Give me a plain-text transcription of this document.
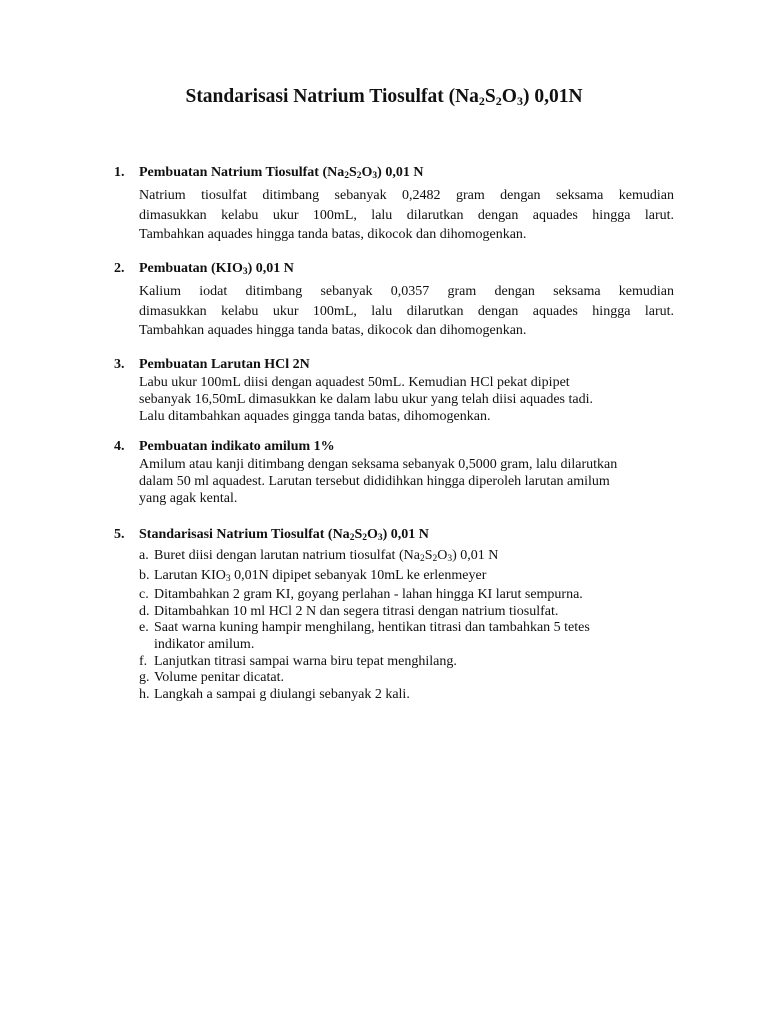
Standarisasi Natrium Tiosulfat $(Na_2S_2O_3)$ 0,01N
1. Pembuatan Natrium Tiosulfat $(Na_2S_2O_3)$ 0,01 N
Natrium tiosulfat ditimbang sebanyak 0,2482 gram dengan seksama kemudian
dimasukkan kelabu ukur 100mL, lalu dilarutkan dengan aquades hingga larut.
Tambahkan aquades hingga tanda batas, dikocok dan dihomogenkan.
2. Pembuatan $(KIO_3)$ 0,01 N
Kalium iodat ditimbang sebanyak 0,0357 gram dengan seksama kemudian
dimasukkan kelabu ukur 100mL, lalu dilarutkan dengan aquades hingga larut.
Tambahkan aquades hingga tanda batas, dikocok dan dihomogenkan.
3. Pembuatan Larutan HCl 2N
Labu ukur 100mL diisi dengan aquadest 50mL. Kemudian HCl pekat dipipet
sebanyak 16,50mL dimasukkan ke dalam labu ukur yang telah diisi aquades tadi.
Lalu ditambahkan aquades gingga tanda batas, dihomogenkan.
4. Pembuatan indikato amilum 1%
Amilum atau kanji ditimbang dengan seksama sebanyak 0,5000 gram, lalu dilarutkan
dalam 50 ml aquadest. Larutan tersebut dididihkan hingga diperoleh larutan amilum
yang agak kental.
5. Standarisasi Natrium Tiosulfat $(Na_2S_2O_3)$ 0,01 N
a. Buret diisi dengan larutan natrium tiosulfat $(Na_2S_2O_3)$ 0,01 N
b. Larutan $KIO_3$ 0,01N dipipet sebanyak 10mL ke erlenmeyer
c. Ditambahkan 2 gram KI, goyang perlahan - lahan hingga KI larut sempurna.
d. Ditambahkan 10 ml HCl 2 N dan segera titrasi dengan natrium tiosulfat.
e. Saat warna kuning hampir menghilang, hentikan titrasi dan tambahkan 5 tetes indikator amilum.
f. Lanjutkan titrasi sampai warna biru tepat menghilang.
g. Volume penitar dicatat.
h. Langkah a sampai g diulangi sebanyak 2 kali.
